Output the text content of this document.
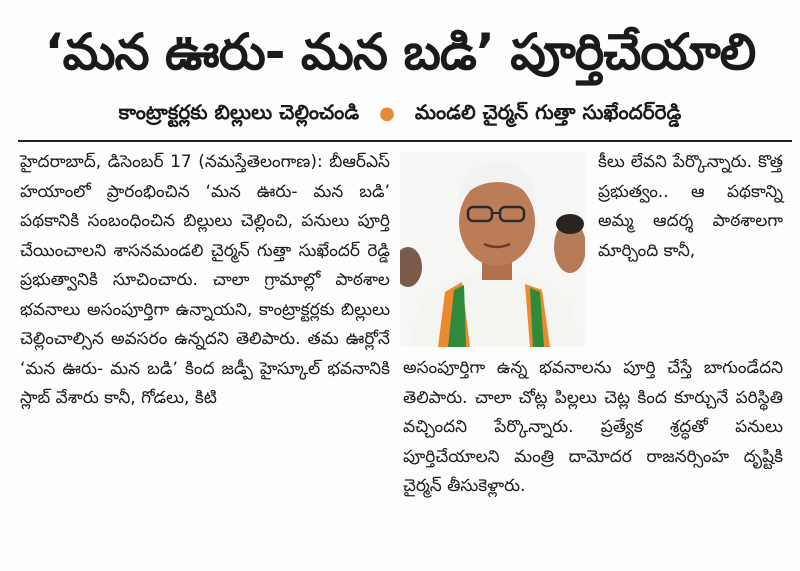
‘మన ఊరు- మన బడి’ పూర్తిచేయాలి
కాంట్రాక్టర్లకు బిల్లులు చెల్లించండి ● మండలి చైర్మన్ గుత్తా సుఖేందర్‌రెడ్డి

హైదరాబాద్, డిసెంబర్ 17 (నమస్తేతెలంగాణ): బీఆర్ఎస్ హయాంలో ప్రారంభించిన ‘మన ఊరు- మన బడి’ పథకానికి సంబంధించిన బిల్లులు చెల్లించి, పనులు పూర్తి చేయించాలని శాసనమండలి చైర్మన్ గుత్తా సుఖేందర్ రెడ్డి ప్రభుత్వానికి సూచించారు. చాలా గ్రామాల్లో పాఠశాల భవనాలు అసంపూర్తిగా ఉన్నాయని, కాంట్రాక్టర్లకు బిల్లులు చెల్లించాల్సిన అవసరం ఉన్నదని తెలిపారు. తమ ఊర్లోనే ‘మన ఊరు- మన బడి’ కింద జడ్పీ హైస్కూల్ భవనానికి స్లాబ్ వేశారు కానీ, గోడలు, కిటి

కీలు లేవని పేర్కొన్నారు. కొత్త ప్రభుత్వం.. ఆ పథకాన్ని అమ్మ ఆదర్శ పాఠశాలగా మార్చింది కానీ,

అసంపూర్తిగా ఉన్న భవనాలను పూర్తి చేస్తే బాగుండేదని తెలిపారు. చాలా చోట్ల పిల్లలు చెట్ల కింద కూర్చునే పరిస్థితి వచ్చిందని పేర్కొన్నారు. ప్రత్యేక శ్రద్ధతో పనులు పూర్తిచేయాలని మంత్రి దామోదర రాజనర్సింహ దృష్టికి చైర్మన్ తీసుకెళ్లారు.
